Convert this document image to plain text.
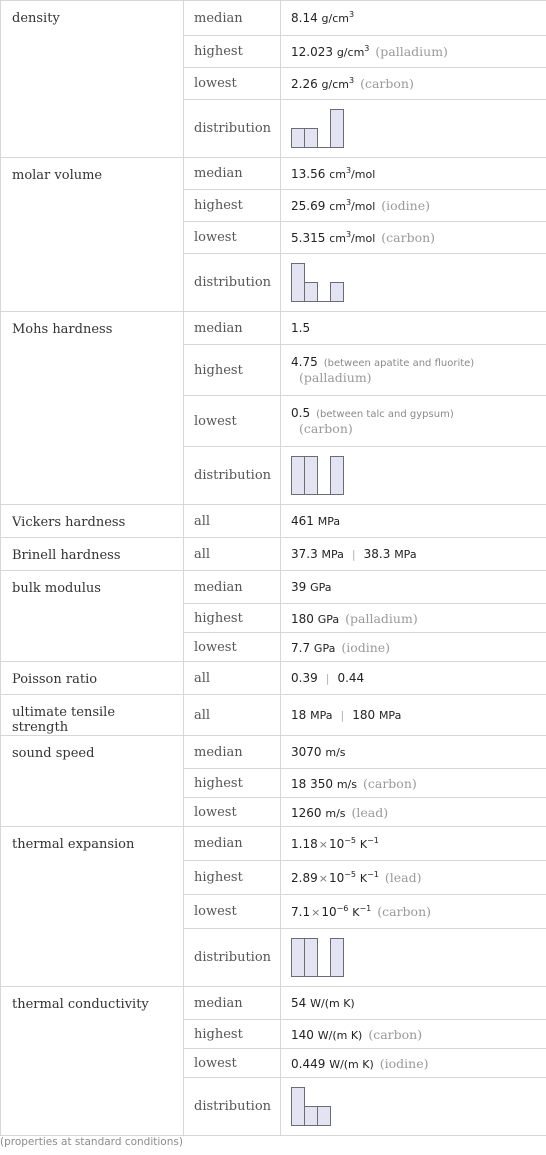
density	median	8.14 $g/cm^3$
	highest	12.023 $g/cm^3$ (palladium)
	lowest	2.26 $g/cm^3$ (carbon)
	distribution	

molar volume	median	13.56 $cm^3$/mol
	highest	25.69 $cm^3$/mol (iodine)
	lowest	5.315 $cm^3$/mol (carbon)
	distribution	

Mohs hardness	median	1.5
	highest	4.75 (between apatite and fluorite)
(palladium)

	lowest	0.5 (between talc and gypsum)
(carbon)

	distribution	

Vickers hardness	all	461 MPa
Brinell hardness	all	37.3 MPa | 38.3 MPa
bulk modulus	median	39 GPa
	highest	180 GPa (palladium)
	lowest	7.7 GPa (iodine)
Poisson ratio	all	0.39 | 0.44
ultimate tensile strength	all	18 MPa | 180 MPa
sound speed	median	3070 m/s
	highest	18 350 m/s (carbon)
	lowest	1260 m/s (lead)
thermal expansion	median	$1.18\times 10^{-5}$ $K^{-1}$
	highest	$2.89\times 10^{-5}$ $K^{-1}$ (lead)
	lowest	$7.1\times 10^{-6}$ $K^{-1}$ (carbon)
	distribution	

thermal conductivity	median	54 W/(m K)
	highest	140 W/(m K) (carbon)
	lowest	0.449 W/(m K) (iodine)
	distribution	
(properties at standard conditions)
